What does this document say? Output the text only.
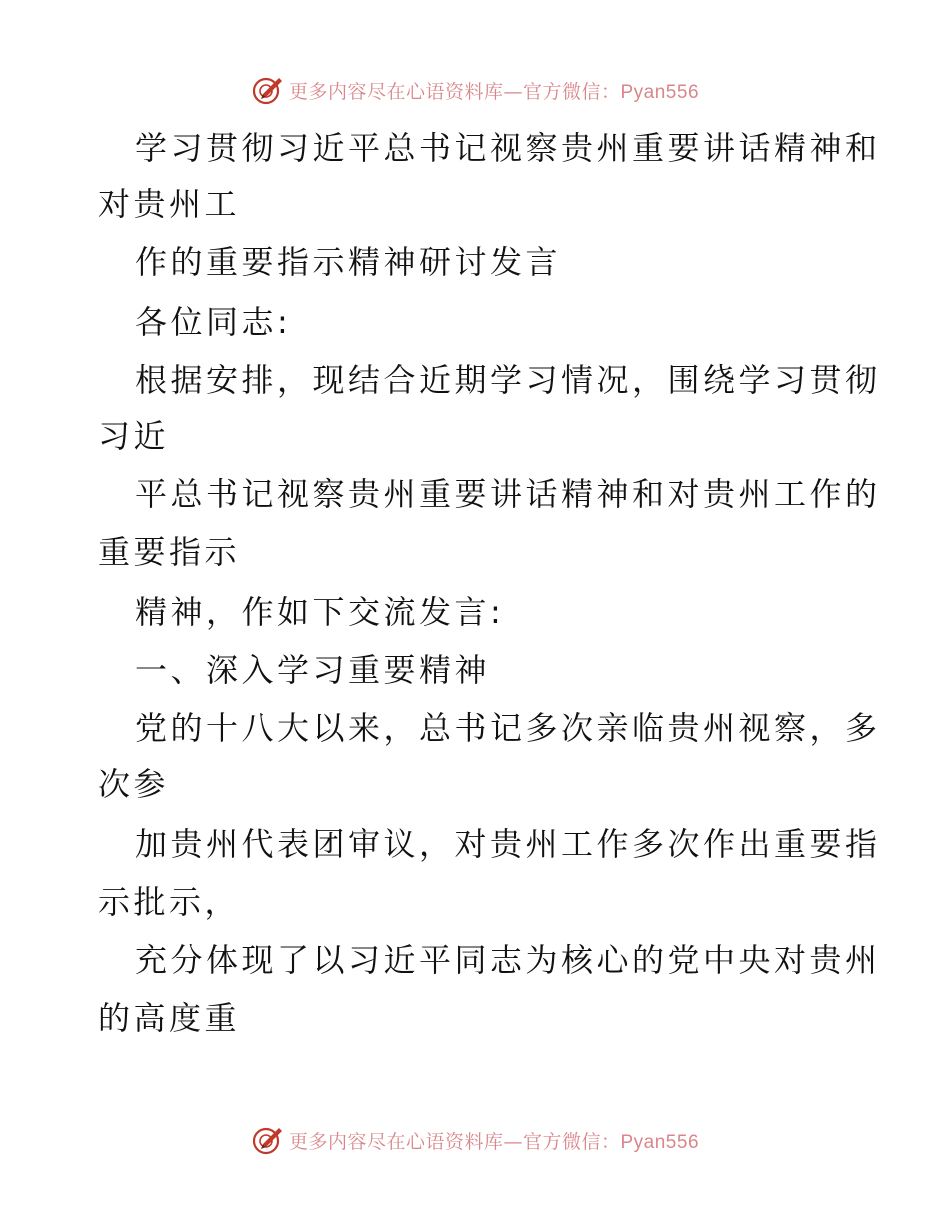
更多内容尽在心语资料库—官方微信：Pyan556
学习贯彻习近平总书记视察贵州重要讲话精神和
对贵州工
作的重要指示精神研讨发言
各位同志:
根据安排，现结合近期学习情况，围绕学习贯彻
习近
平总书记视察贵州重要讲话精神和对贵州工作的
重要指示
精神，作如下交流发言:
一、深入学习重要精神
党的十八大以来，总书记多次亲临贵州视察，多
次参
加贵州代表团审议，对贵州工作多次作出重要指
示批示，
充分体现了以习近平同志为核心的党中央对贵州
的高度重
更多内容尽在心语资料库—官方微信：Pyan556
